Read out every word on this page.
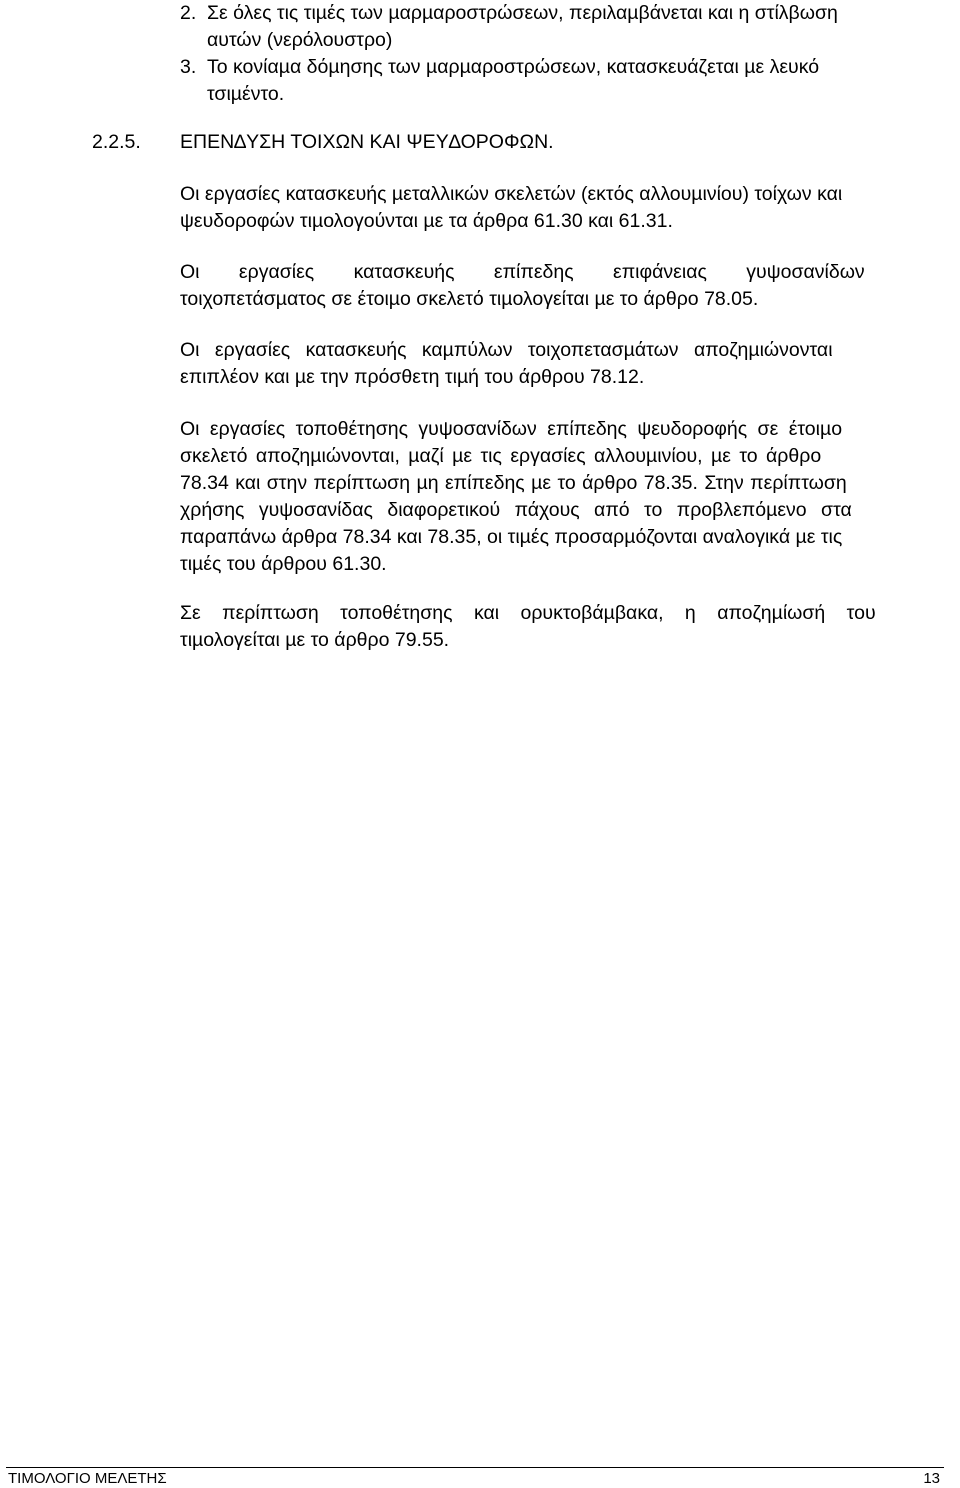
2. Σε όλες τις τιµές των µαρµαροστρώσεων, περιλαµβάνεται και η στίλβωση
αυτών (νερόλουστρο)
3. Το κονίαµα δόµησης των µαρµαροστρώσεων, κατασκευάζεται µε λευκό
τσιµέντο.
2.2.5. ΕΠΕΝ∆ΥΣΗ ΤΟΙΧΩΝ ΚΑΙ ΨΕΥ∆ΟΡΟΦΩΝ.
Οι εργασίες κατασκευής µεταλλικών σκελετών (εκτός αλλουµινίου) τοίχων και
ψευδοροφών τιµολογούνται µε τα άρθρα 61.30 και 61.31.
Οι εργασίες κατασκευής επίπεδης επιφάνειας γυψοσανίδων
τοιχοπετάσµατος σε έτοιµο σκελετό τιµολογείται µε το άρθρο 78.05.
Οι εργασίες κατασκευής καµπύλων τοιχοπετασµάτων αποζηµιώνονται
επιπλέον και µε την πρόσθετη τιµή του άρθρου 78.12.
Οι εργασίες τοποθέτησης γυψοσανίδων επίπεδης ψευδοροφής σε έτοιµο
σκελετό αποζηµιώνονται, µαζί µε τις εργασίες αλλουµινίου, µε το άρθρο
78.34 και στην περίπτωση µη επίπεδης µε το άρθρο 78.35. Στην περίπτωση
χρήσης γυψοσανίδας διαφορετικού πάχους από το προβλεπόµενο στα
παραπάνω άρθρα 78.34 και 78.35, οι τιµές προσαρµόζονται αναλογικά µε τις
τιµές του άρθρου 61.30.
Σε περίπτωση τοποθέτησης και ορυκτοβάµβακα, η αποζηµίωσή του
τιµολογείται µε το άρθρο 79.55.
ΤΙΜΟΛΟΓΙΟ ΜΕΛΕΤΗΣ	13
